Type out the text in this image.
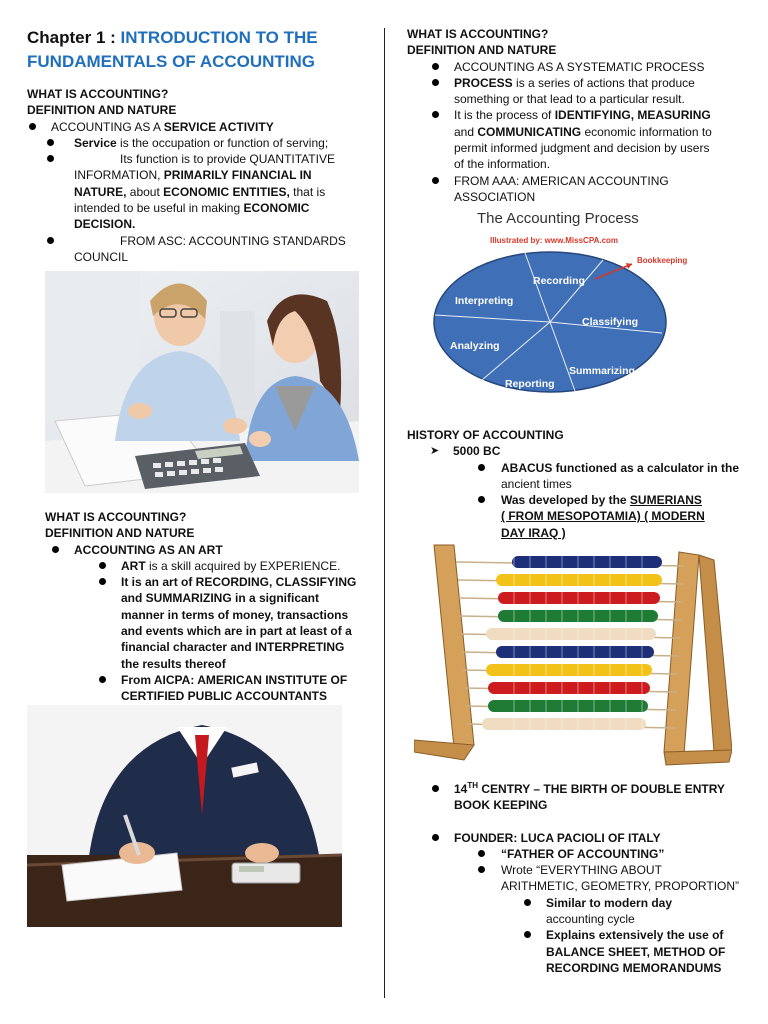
Chapter 1 : INTRODUCTION TO THE
FUNDAMENTALS OF ACCOUNTING
WHAT IS ACCOUNTING?
DEFINITION AND NATURE
ACCOUNTING AS A SERVICE ACTIVITY
Service is the occupation or function of serving;
Its function is to provide QUANTITATIVE
INFORMATION, PRIMARILY FINANCIAL IN
NATURE, about ECONOMIC ENTITIES, that is
intended to be useful in making ECONOMIC
DECISION.
FROM ASC: ACCOUNTING STANDARDS
COUNCIL
WHAT IS ACCOUNTING?
DEFINITION AND NATURE
ACCOUNTING AS AN ART
ART is a skill acquired by EXPERIENCE.
It is an art of RECORDING, CLASSIFYING
and SUMMARIZING in a significant
manner in terms of money, transactions
and events which are in part at least of a
financial character and INTERPRETING
the results thereof
From AICPA: AMERICAN INSTITUTE OF
CERTIFIED PUBLIC ACCOUNTANTS
WHAT IS ACCOUNTING?
DEFINITION AND NATURE
ACCOUNTING AS A SYSTEMATIC PROCESS
PROCESS is a series of actions that produce
something or that lead to a particular result.
It is the process of IDENTIFYING, MEASURING
and COMMUNICATING economic information to
permit informed judgment and decision by users
of the information.
FROM AAA: AMERICAN ACCOUNTING
ASSOCIATION
The Accounting Process
Illustrated by: www.MissCPA.com
Recording
Classifying
Summarizing
Reporting
Analyzing
Interpreting
Bookkeeping
HISTORY OF ACCOUNTING
➤ 5000 BC
ABACUS functioned as a calculator in the
ancient times
Was developed by the SUMERIANS
( FROM MESOPOTAMIA) ( MODERN
DAY IRAQ )
14TH CENTRY – THE BIRTH OF DOUBLE ENTRY
BOOK KEEPING
FOUNDER: LUCA PACIOLI OF ITALY
“FATHER OF ACCOUNTING”
Wrote “EVERYTHING ABOUT
ARITHMETIC, GEOMETRY, PROPORTION”
Similar to modern day
accounting cycle
Explains extensively the use of
BALANCE SHEET, METHOD OF
RECORDING MEMORANDUMS
